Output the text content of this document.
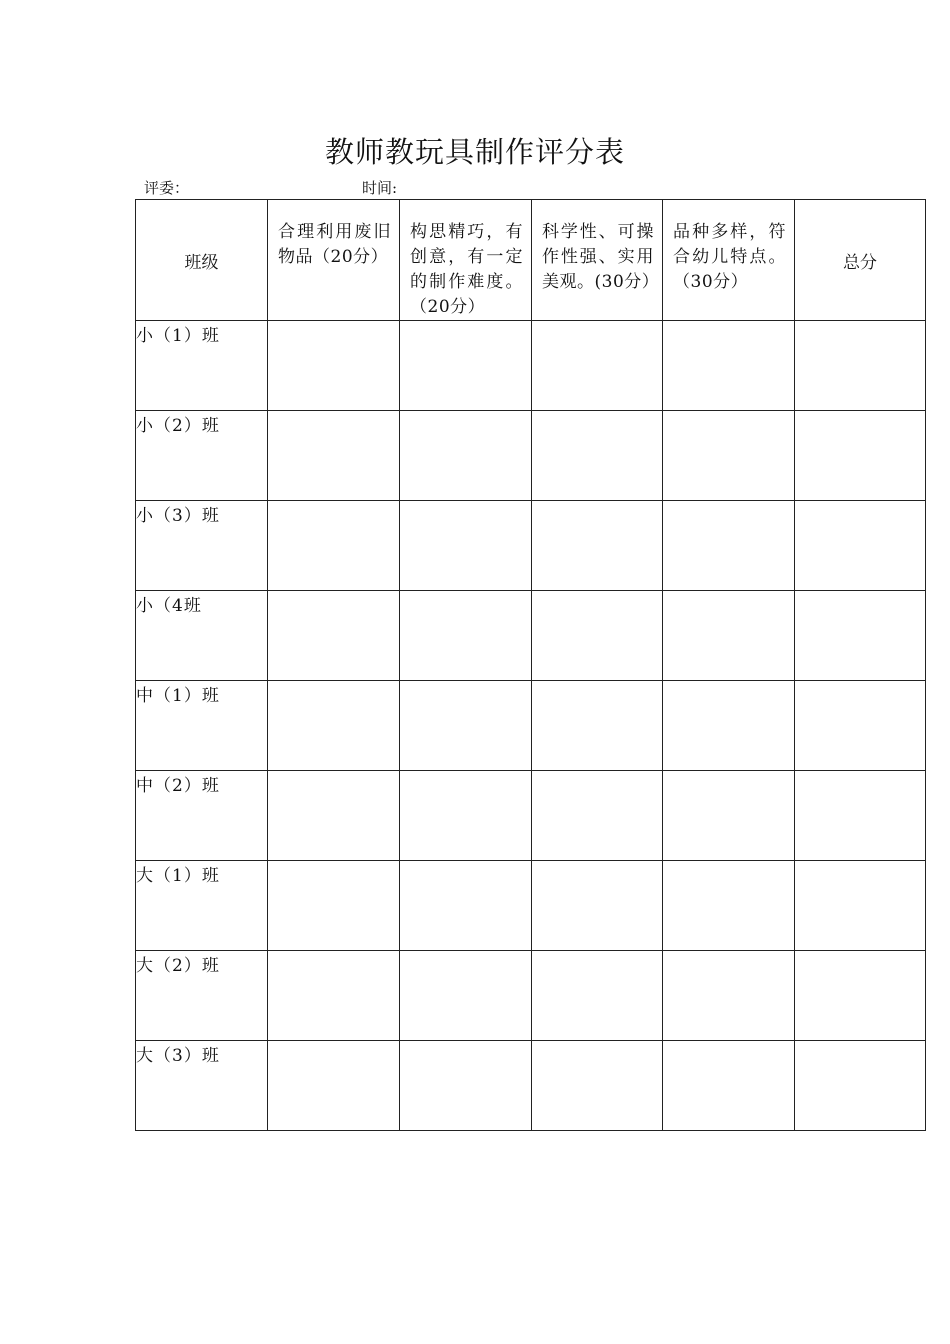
教师教玩具制作评分表
评委：	时间:
班级	合理利用废旧物品（20分）	构思精巧，有创意，有一定的制作难度。（20分）	科学性、可操作性强、实用美观。(30分）	品种多样，符合幼儿特点。（30分）	总分
小（1）班					
小（2）班					
小（3）班					
小（4班					
中（1）班					
中（2）班					
大（1）班					
大（2）班					
大（3）班					
